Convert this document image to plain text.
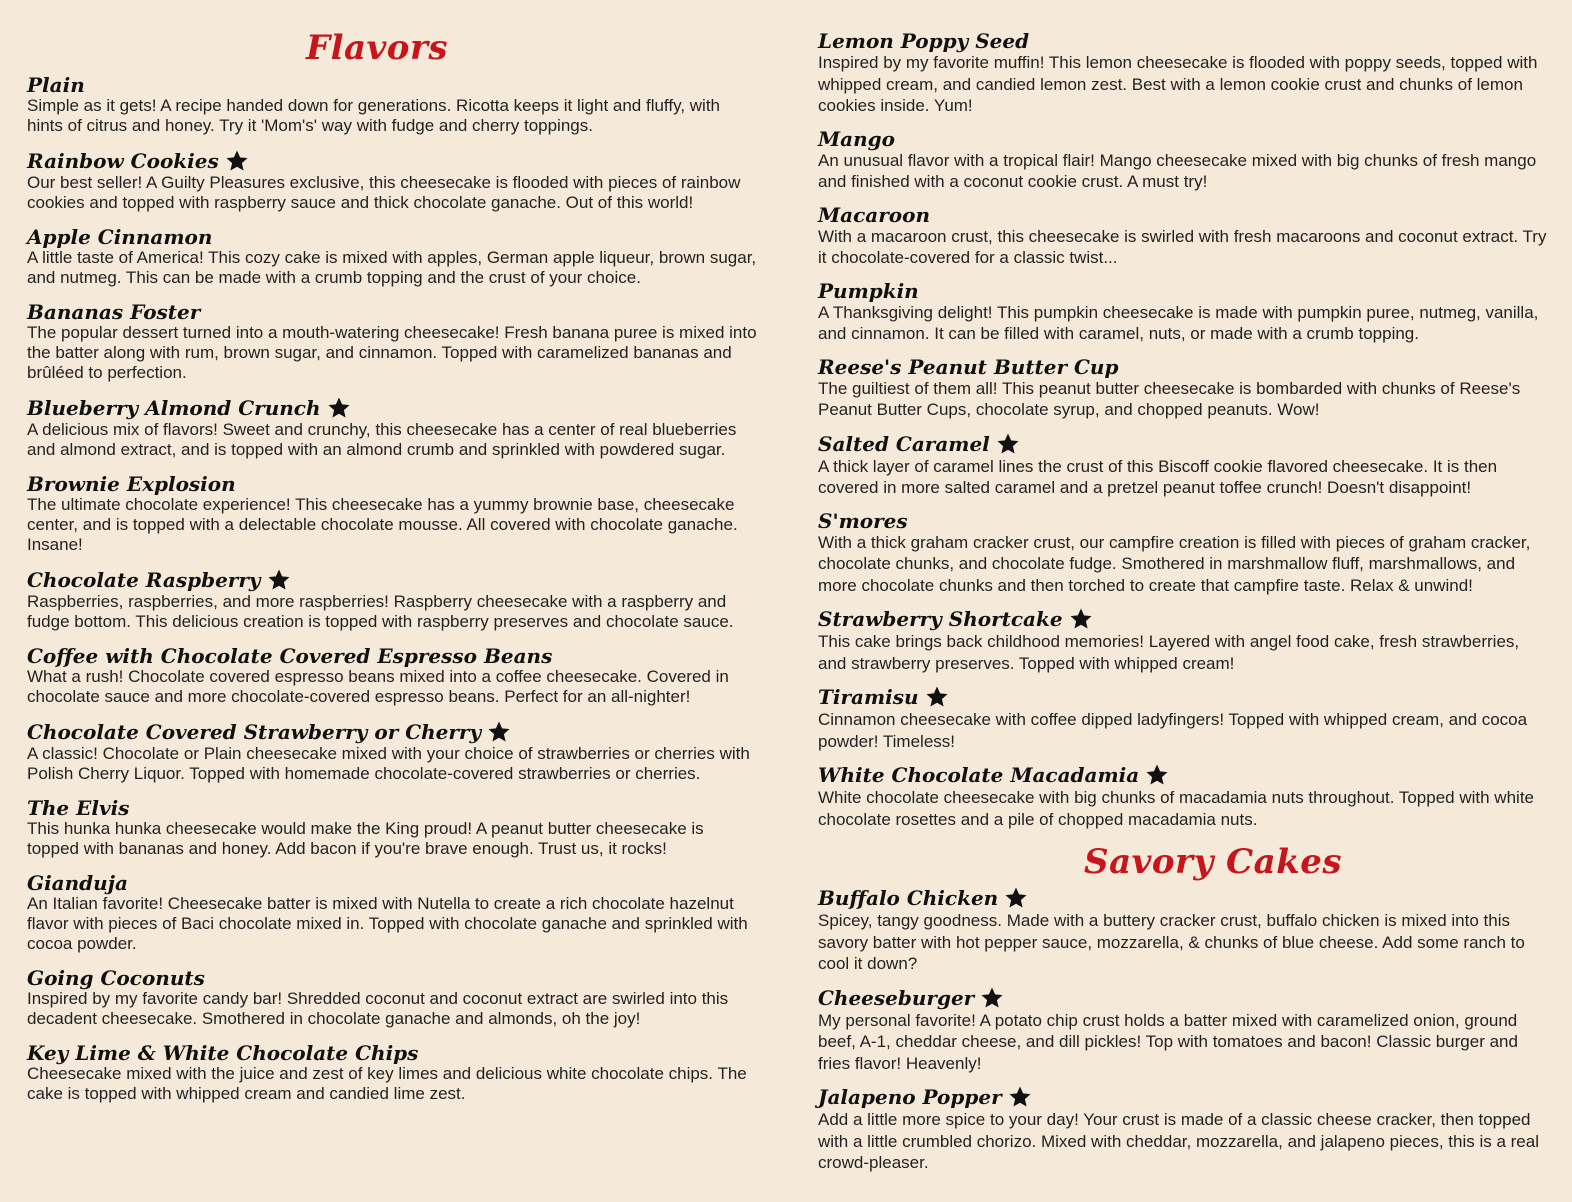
Flavors
Plain

Simple as it gets! A recipe handed down for generations. Ricotta keeps it light and fluffy, with hints of citrus and honey. Try it 'Mom's' way with fudge and cherry toppings.

Rainbow Cookies

Our best seller! A Guilty Pleasures exclusive, this cheesecake is flooded with pieces of rainbow cookies and topped with raspberry sauce and thick chocolate ganache. Out of this world!

Apple Cinnamon

A little taste of America! This cozy cake is mixed with apples, German apple liqueur, brown sugar, and nutmeg. This can be made with a crumb topping and the crust of your choice.

Bananas Foster

The popular dessert turned into a mouth-watering cheesecake! Fresh banana puree is mixed into the batter along with rum, brown sugar, and cinnamon. Topped with caramelized bananas and brûléed to perfection.

Blueberry Almond Crunch

A delicious mix of flavors! Sweet and crunchy, this cheesecake has a center of real blueberries and almond extract, and is topped with an almond crumb and sprinkled with powdered sugar.

Brownie Explosion

The ultimate chocolate experience! This cheesecake has a yummy brownie base, cheesecake center, and is topped with a delectable chocolate mousse. All covered with chocolate ganache. Insane!

Chocolate Raspberry

Raspberries, raspberries, and more raspberries! Raspberry cheesecake with a raspberry and fudge bottom. This delicious creation is topped with raspberry preserves and chocolate sauce.

Coffee with Chocolate Covered Espresso Beans

What a rush! Chocolate covered espresso beans mixed into a coffee cheesecake. Covered in chocolate sauce and more chocolate-covered espresso beans. Perfect for an all-nighter!

Chocolate Covered Strawberry or Cherry

A classic! Chocolate or Plain cheesecake mixed with your choice of strawberries or cherries with Polish Cherry Liquor. Topped with homemade chocolate-covered strawberries or cherries.

The Elvis

This hunka hunka cheesecake would make the King proud! A peanut butter cheesecake is topped with bananas and honey. Add bacon if you're brave enough. Trust us, it rocks!

Gianduja

An Italian favorite! Cheesecake batter is mixed with Nutella to create a rich chocolate hazelnut flavor with pieces of Baci chocolate mixed in. Topped with chocolate ganache and sprinkled with cocoa powder.

Going Coconuts

Inspired by my favorite candy bar! Shredded coconut and coconut extract are swirled into this decadent cheesecake. Smothered in chocolate ganache and almonds, oh the joy!

Key Lime & White Chocolate Chips

Cheesecake mixed with the juice and zest of key limes and delicious white chocolate chips. The cake is topped with whipped cream and candied lime zest.

Lemon Poppy Seed

Inspired by my favorite muffin! This lemon cheesecake is flooded with poppy seeds, topped with whipped cream, and candied lemon zest. Best with a lemon cookie crust and chunks of lemon cookies inside. Yum!

Mango

An unusual flavor with a tropical flair! Mango cheesecake mixed with big chunks of fresh mango and finished with a coconut cookie crust. A must try!

Macaroon

With a macaroon crust, this cheesecake is swirled with fresh macaroons and coconut extract. Try it chocolate-covered for a classic twist...

Pumpkin

A Thanksgiving delight! This pumpkin cheesecake is made with pumpkin puree, nutmeg, vanilla, and cinnamon. It can be filled with caramel, nuts, or made with a crumb topping.

Reese's Peanut Butter Cup

The guiltiest of them all! This peanut butter cheesecake is bombarded with chunks of Reese's Peanut Butter Cups, chocolate syrup, and chopped peanuts. Wow!

Salted Caramel

A thick layer of caramel lines the crust of this Biscoff cookie flavored cheesecake. It is then covered in more salted caramel and a pretzel peanut toffee crunch! Doesn't disappoint!

S'mores

With a thick graham cracker crust, our campfire creation is filled with pieces of graham cracker, chocolate chunks, and chocolate fudge. Smothered in marshmallow fluff, marshmallows, and more chocolate chunks and then torched to create that campfire taste. Relax & unwind!

Strawberry Shortcake

This cake brings back childhood memories! Layered with angel food cake, fresh strawberries, and strawberry preserves. Topped with whipped cream!

Tiramisu

Cinnamon cheesecake with coffee dipped ladyfingers! Topped with whipped cream, and cocoa powder! Timeless!

White Chocolate Macadamia

White chocolate cheesecake with big chunks of macadamia nuts throughout. Topped with white chocolate rosettes and a pile of chopped macadamia nuts.

Savory Cakes
Buffalo Chicken

Spicey, tangy goodness. Made with a buttery cracker crust, buffalo chicken is mixed into this savory batter with hot pepper sauce, mozzarella, & chunks of blue cheese. Add some ranch to cool it down?

Cheeseburger

My personal favorite! A potato chip crust holds a batter mixed with caramelized onion, ground beef, A-1, cheddar cheese, and dill pickles! Top with tomatoes and bacon! Classic burger and fries flavor! Heavenly!

Jalapeno Popper

Add a little more spice to your day! Your crust is made of a classic cheese cracker, then topped with a little crumbled chorizo. Mixed with cheddar, mozzarella, and jalapeno pieces, this is a real crowd-pleaser.
